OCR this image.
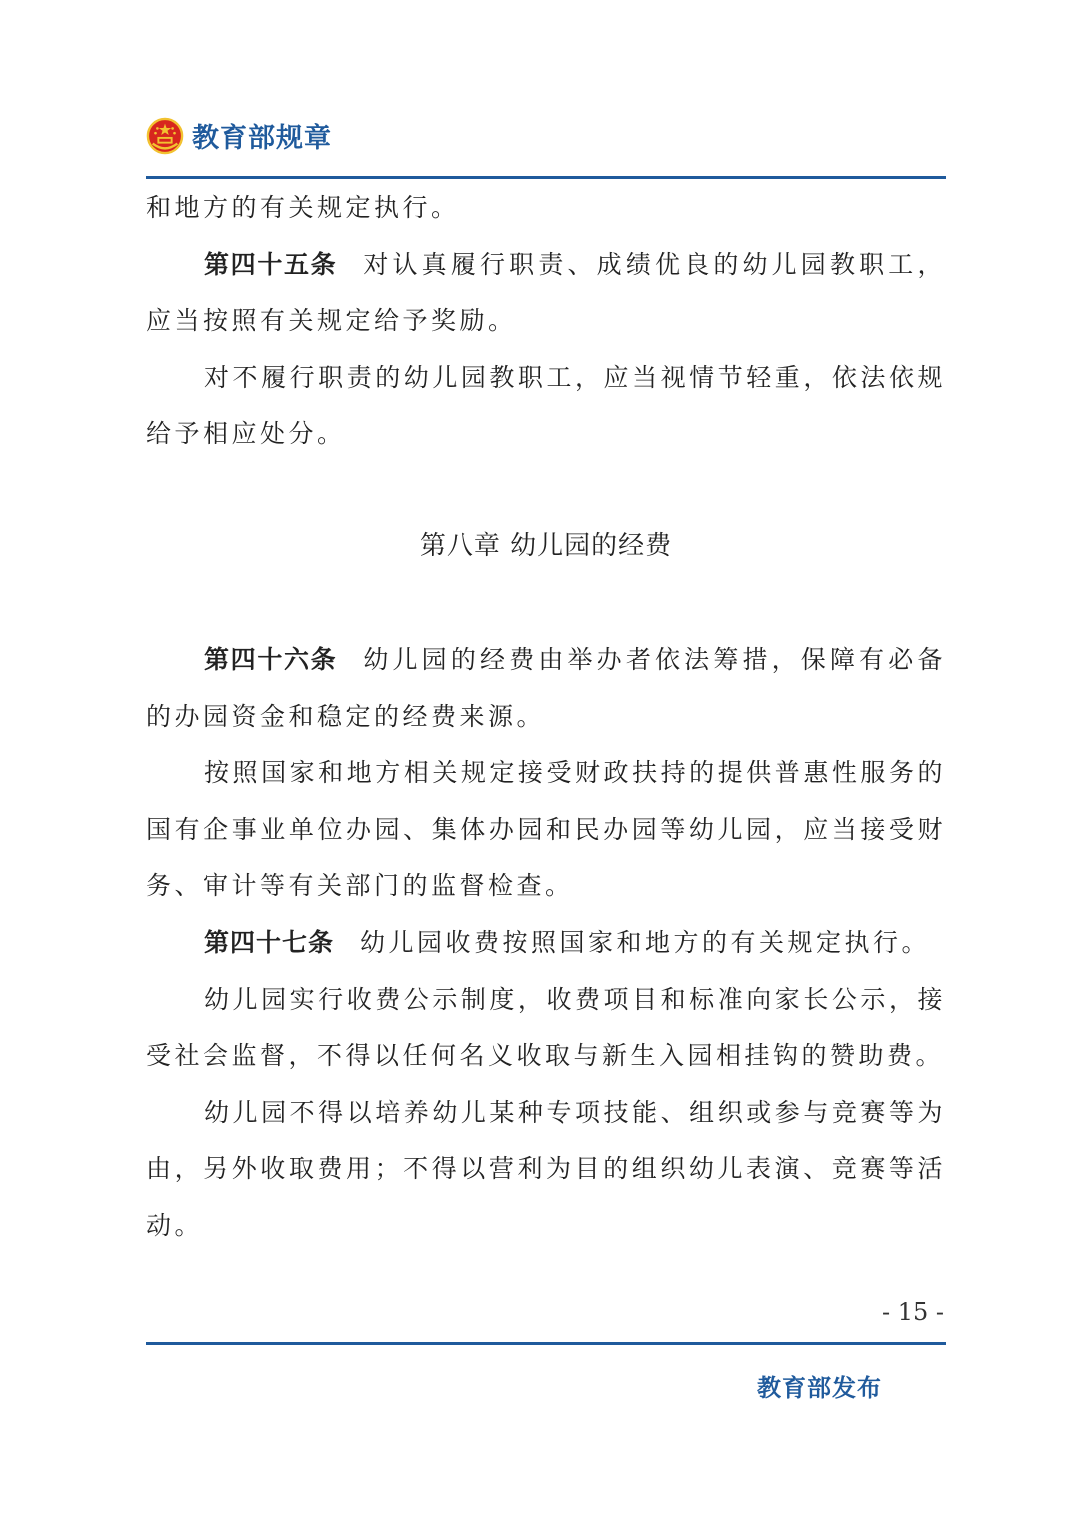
教育部规章

和地方的有关规定执行。

第四十五条 对认真履行职责、成绩优良的幼儿园教职工，应当按照有关规定给予奖励。

对不履行职责的幼儿园教职工，应当视情节轻重，依法依规给予相应处分。

第八章 幼儿园的经费

第四十六条 幼儿园的经费由举办者依法筹措，保障有必备的办园资金和稳定的经费来源。

按照国家和地方相关规定接受财政扶持的提供普惠性服务的国有企事业单位办园、集体办园和民办园等幼儿园，应当接受财务、审计等有关部门的监督检查。

第四十七条 幼儿园收费按照国家和地方的有关规定执行。

幼儿园实行收费公示制度，收费项目和标准向家长公示，接受社会监督，不得以任何名义收取与新生入园相挂钩的赞助费。

幼儿园不得以培养幼儿某种专项技能、组织或参与竞赛等为由，另外收取费用；不得以营利为目的组织幼儿表演、竞赛等活动。

- 15 -
教育部发布
